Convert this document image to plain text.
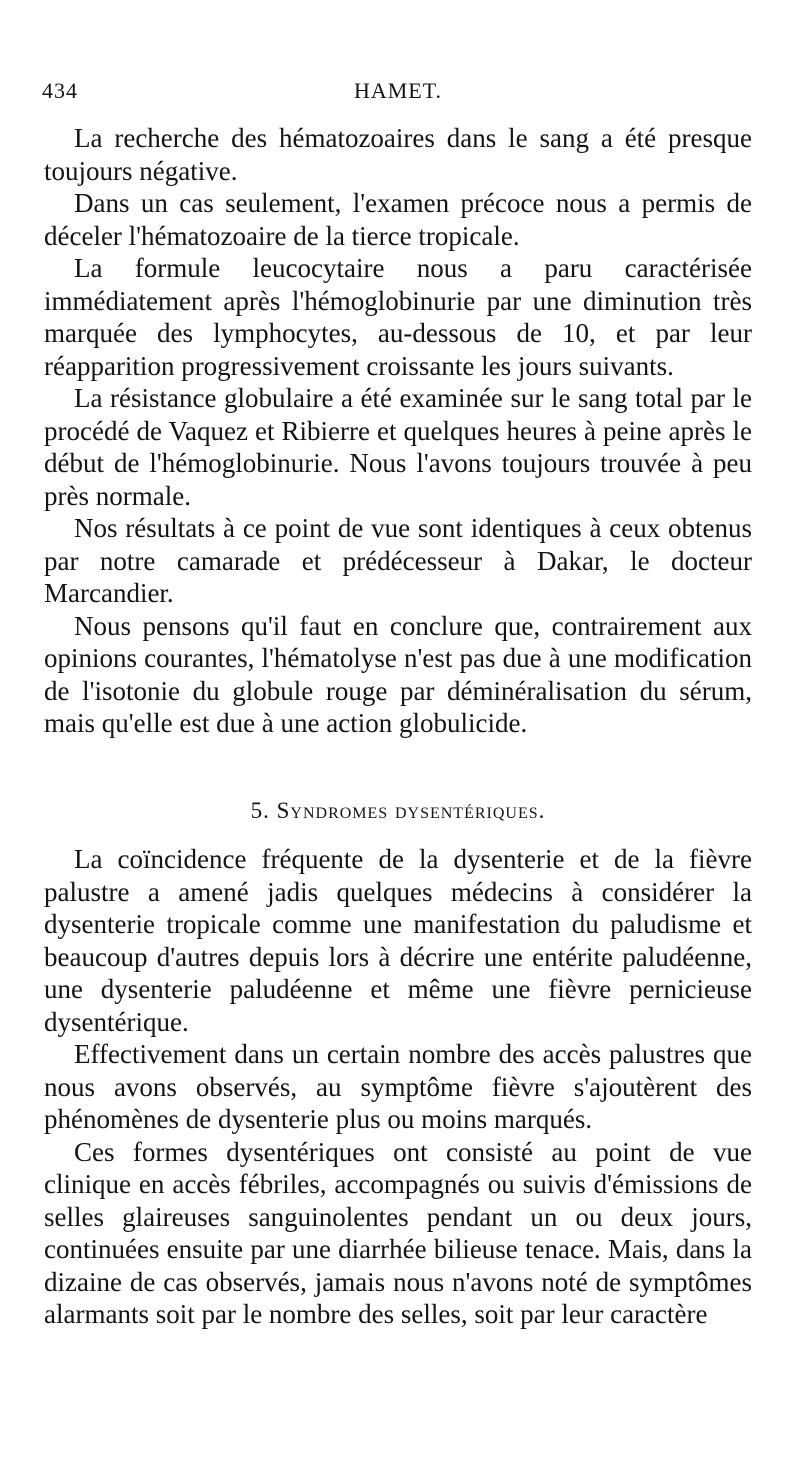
434	HAMET.

La recherche des hématozoaires dans le sang a été presque toujours négative.

Dans un cas seulement, l'examen précoce nous a permis de déceler l'hématozoaire de la tierce tropicale.

La formule leucocytaire nous a paru caractérisée immédiatement après l'hémoglobinurie par une diminution très marquée des lymphocytes, au-dessous de 10, et par leur réapparition progressivement croissante les jours suivants.

La résistance globulaire a été examinée sur le sang total par le procédé de Vaquez et Ribierre et quelques heures à peine après le début de l'hémoglobinurie. Nous l'avons toujours trouvée à peu près normale.

Nos résultats à ce point de vue sont identiques à ceux obtenus par notre camarade et prédécesseur à Dakar, le docteur Marcandier.

Nous pensons qu'il faut en conclure que, contrairement aux opinions courantes, l'hématolyse n'est pas due à une modification de l'isotonie du globule rouge par déminéralisation du sérum, mais qu'elle est due à une action globulicide.

5. Syndromes dysentériques.

La coïncidence fréquente de la dysenterie et de la fièvre palustre a amené jadis quelques médecins à considérer la dysenterie tropicale comme une manifestation du paludisme et beaucoup d'autres depuis lors à décrire une entérite paludéenne, une dysenterie paludéenne et même une fièvre pernicieuse dysentérique.

Effectivement dans un certain nombre des accès palustres que nous avons observés, au symptôme fièvre s'ajoutèrent des phénomènes de dysenterie plus ou moins marqués.

Ces formes dysentériques ont consisté au point de vue clinique en accès fébriles, accompagnés ou suivis d'émissions de selles glaireuses sanguinolentes pendant un ou deux jours, continuées ensuite par une diarrhée bilieuse tenace. Mais, dans la dizaine de cas observés, jamais nous n'avons noté de symptômes alarmants soit par le nombre des selles, soit par leur caractère
